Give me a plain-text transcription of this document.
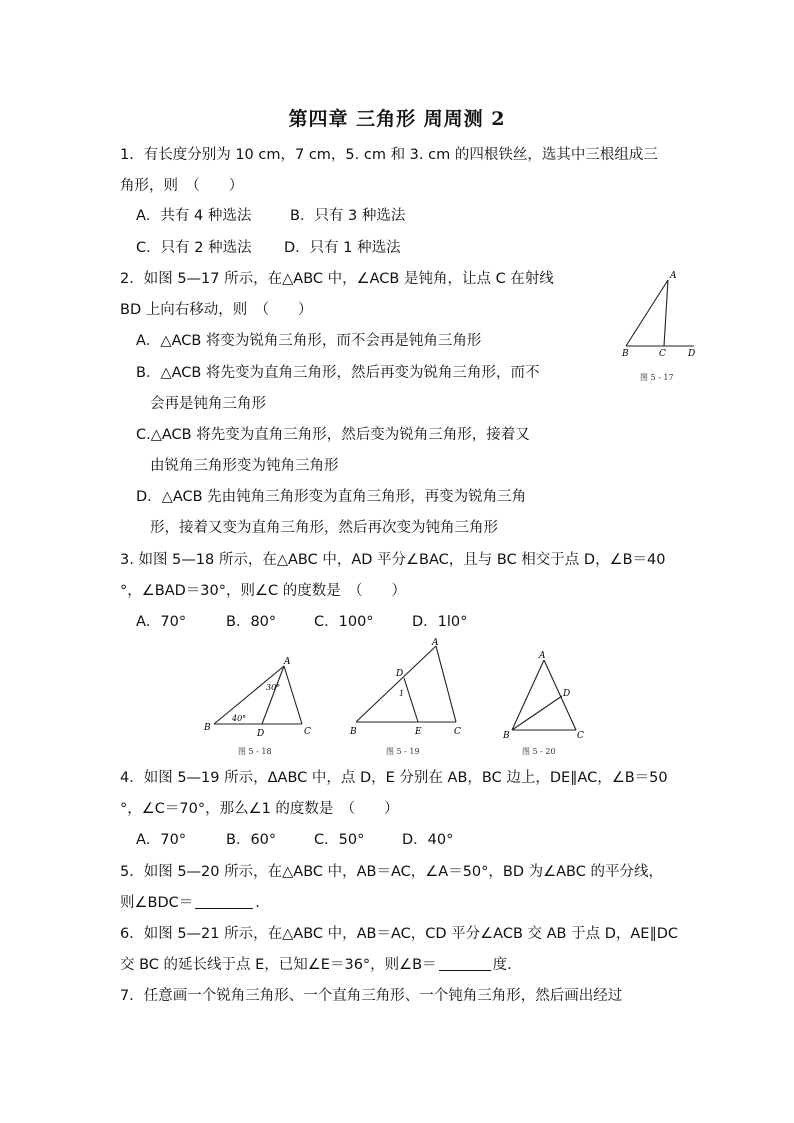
第四章 三角形 周周测 2
1．有长度分别为 10 cm，7 cm，5. cm 和 3. cm 的四根铁丝，选其中三根组成三
角形，则　（　　）
A．共有 4 种选法	B．只有 3 种选法
C．只有 2 种选法 D．只有 1 种选法
2．如图 5—17 所示，在△ABC 中，∠ACB 是钝角，让点 C 在射线
BD 上向右移动，则　（　　）
A．△ACB 将变为锐角三角形，而不会再是钝角三角形
B．△ACB 将先变为直角三角形，然后再变为锐角三角形，而不
会再是钝角三角形
C.△ACB 将先变为直角三角形，然后变为锐角三角形，接着又
由锐角三角形变为钝角三角形
D．△ACB 先由钝角三角形变为直角三角形，再变为锐角三角
形，接着又变为直角三角形，然后再次变为钝角三角形
A
B	C D
图 5 - 17
3. 如图 5—18 所示，在△ABC 中，AD 平分∠BAC，且与 BC 相交于点 D，∠B＝40
°，∠BAD＝30°，则∠C 的度数是　（　　）
A．70°	B．80°	C．100°	D．1l0°
A
B	C
D
30°
40°
图 5 - 18
A
B	C
D
E
1
图 5 - 19
A
B	C
D
图 5 - 20
4．如图 5—19 所示，ΔABC 中，点 D，E 分别在 AB，BC 边上，DE∥AC，∠B＝50
°，∠C＝70°，那么∠1 的度数是　（　　）
A．70°	B．60°	C．50°	D．40°
5．如图 5—20 所示，在△ABC 中，AB＝AC，∠A＝50°，BD 为∠ABC 的平分线，
则∠BDC＝	.
6．如图 5—21 所示，在△ABC 中，AB＝AC，CD 平分∠ACB 交 AB 于点 D，AE∥DC
交 BC 的延长线于点 E，已知∠E＝36°，则∠B＝	度.
7．任意画一个锐角三角形、一个直角三角形、一个钝角三角形，然后画出经过
